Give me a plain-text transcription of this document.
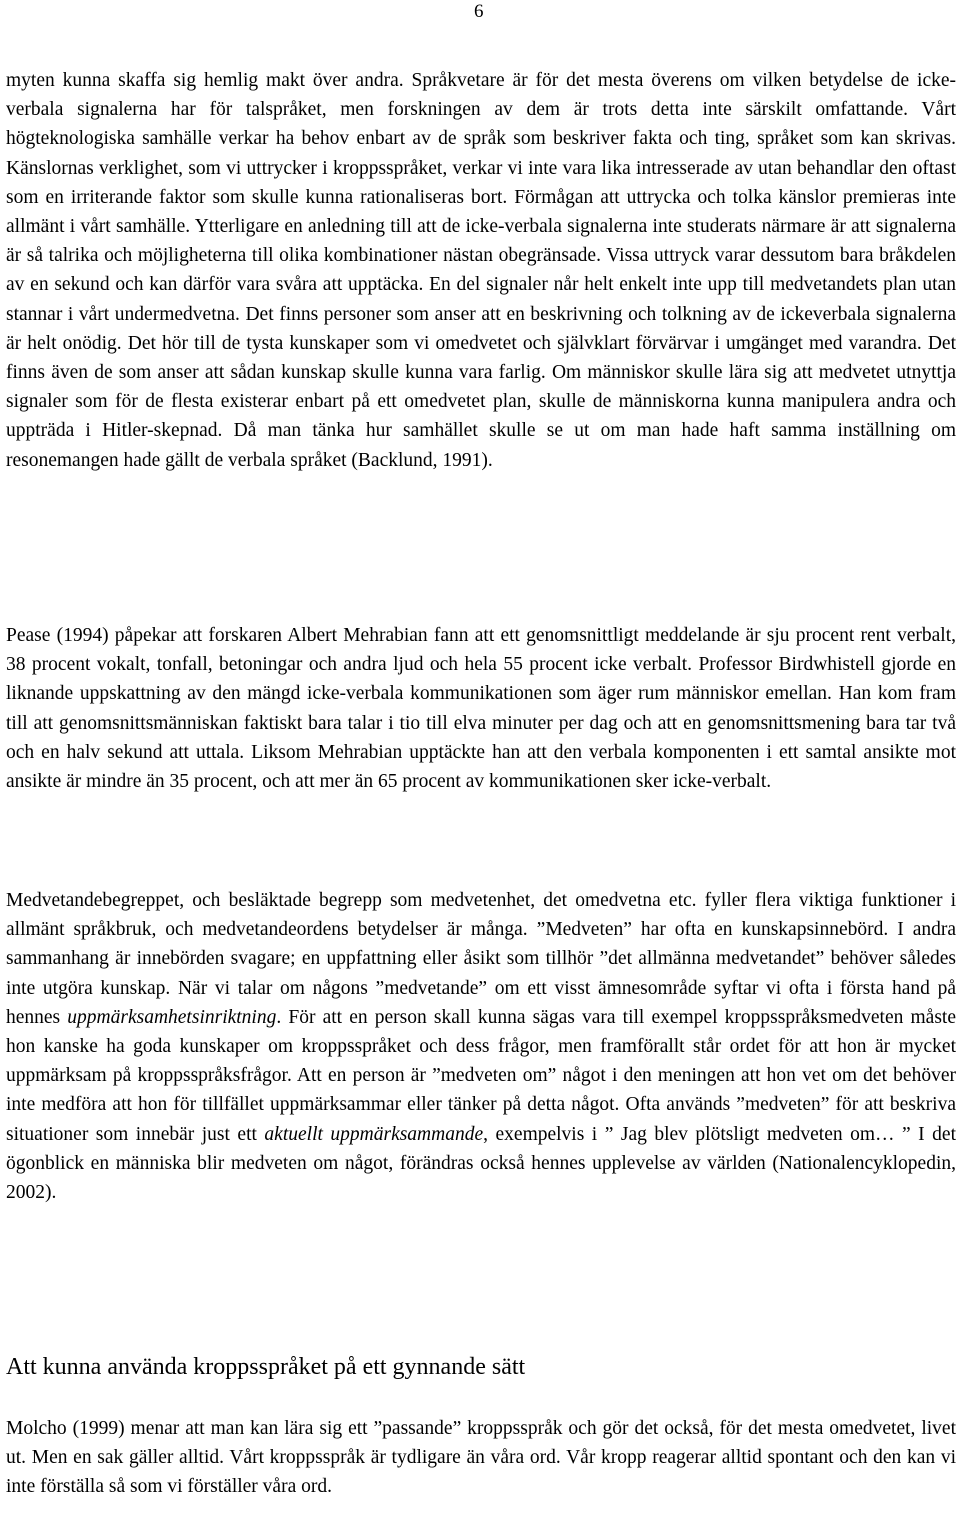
6

myten kunna skaffa sig hemlig makt över andra. Språkvetare är för det mesta överens om vilken betydelse de icke-verbala signalerna har för talspråket, men forskningen av dem är trots detta inte särskilt omfattande. Vårt högteknologiska samhälle verkar ha behov enbart av de språk som beskriver fakta och ting, språket som kan skrivas. Känslornas verklighet, som vi uttrycker i kroppsspråket, verkar vi inte vara lika intresserade av utan behandlar den oftast som en irriterande faktor som skulle kunna rationaliseras bort. Förmågan att uttrycka och tolka känslor premieras inte allmänt i vårt samhälle. Ytterligare en anledning till att de icke-verbala signalerna inte studerats närmare är att signalerna är så talrika och möjligheterna till olika kombinationer nästan obegränsade. Vissa uttryck varar dessutom bara bråkdelen av en sekund och kan därför vara svåra att upptäcka. En del signaler når helt enkelt inte upp till medvetandets plan utan stannar i vårt undermedvetna. Det finns personer som anser att en beskrivning och tolkning av de ickeverbala signalerna är helt onödig. Det hör till de tysta kunskaper som vi omedvetet och självklart förvärvar i umgänget med varandra. Det finns även de som anser att sådan kunskap skulle kunna vara farlig. Om människor skulle lära sig att medvetet utnyttja signaler som för de flesta existerar enbart på ett omedvetet plan, skulle de människorna kunna manipulera andra och uppträda i Hitler-skepnad. Då man tänka hur samhället skulle se ut om man hade haft samma inställning om resonemangen hade gällt de verbala språket (Backlund, 1991).

Pease (1994) påpekar att forskaren Albert Mehrabian fann att ett genomsnittligt meddelande är sju procent rent verbalt, 38 procent vokalt, tonfall, betoningar och andra ljud och hela 55 procent icke verbalt. Professor Birdwhistell gjorde en liknande uppskattning av den mängd icke-verbala kommunikationen som äger rum människor emellan. Han kom fram till att genomsnittsmänniskan faktiskt bara talar i tio till elva minuter per dag och att en genomsnittsmening bara tar två och en halv sekund att uttala. Liksom Mehrabian upptäckte han att den verbala komponenten i ett samtal ansikte mot ansikte är mindre än 35 procent, och att mer än 65 procent av kommunikationen sker icke-verbalt.

Medvetandebegreppet, och besläktade begrepp som medvetenhet, det omedvetna etc. fyller flera viktiga funktioner i allmänt språkbruk, och medvetandeordens betydelser är många. ”Medveten” har ofta en kunskapsinnebörd. I andra sammanhang är innebörden svagare; en uppfattning eller åsikt som tillhör ”det allmänna medvetandet” behöver således inte utgöra kunskap. När vi talar om någons ”medvetande” om ett visst ämnesområde syftar vi ofta i första hand på hennes uppmärksamhetsinriktning. För att en person skall kunna sägas vara till exempel kroppsspråksmedveten måste hon kanske ha goda kunskaper om kroppsspråket och dess frågor, men framförallt står ordet för att hon är mycket uppmärksam på kroppsspråksfrågor. Att en person är ”medveten om” något i den meningen att hon vet om det behöver inte medföra att hon för tillfället uppmärksammar eller tänker på detta något. Ofta används ”medveten” för att beskriva situationer som innebär just ett aktuellt uppmärksammande, exempelvis i ” Jag blev plötsligt medveten om… ” I det ögonblick en människa blir medveten om något, förändras också hennes upplevelse av världen (Nationalencyklopedin, 2002).

Att kunna använda kroppsspråket på ett gynnande sätt

Molcho (1999) menar att man kan lära sig ett ”passande” kroppsspråk och gör det också, för det mesta omedvetet, livet ut. Men en sak gäller alltid. Vårt kroppsspråk är tydligare än våra ord. Vår kropp reagerar alltid spontant och den kan vi inte förställa så som vi förställer våra ord.
